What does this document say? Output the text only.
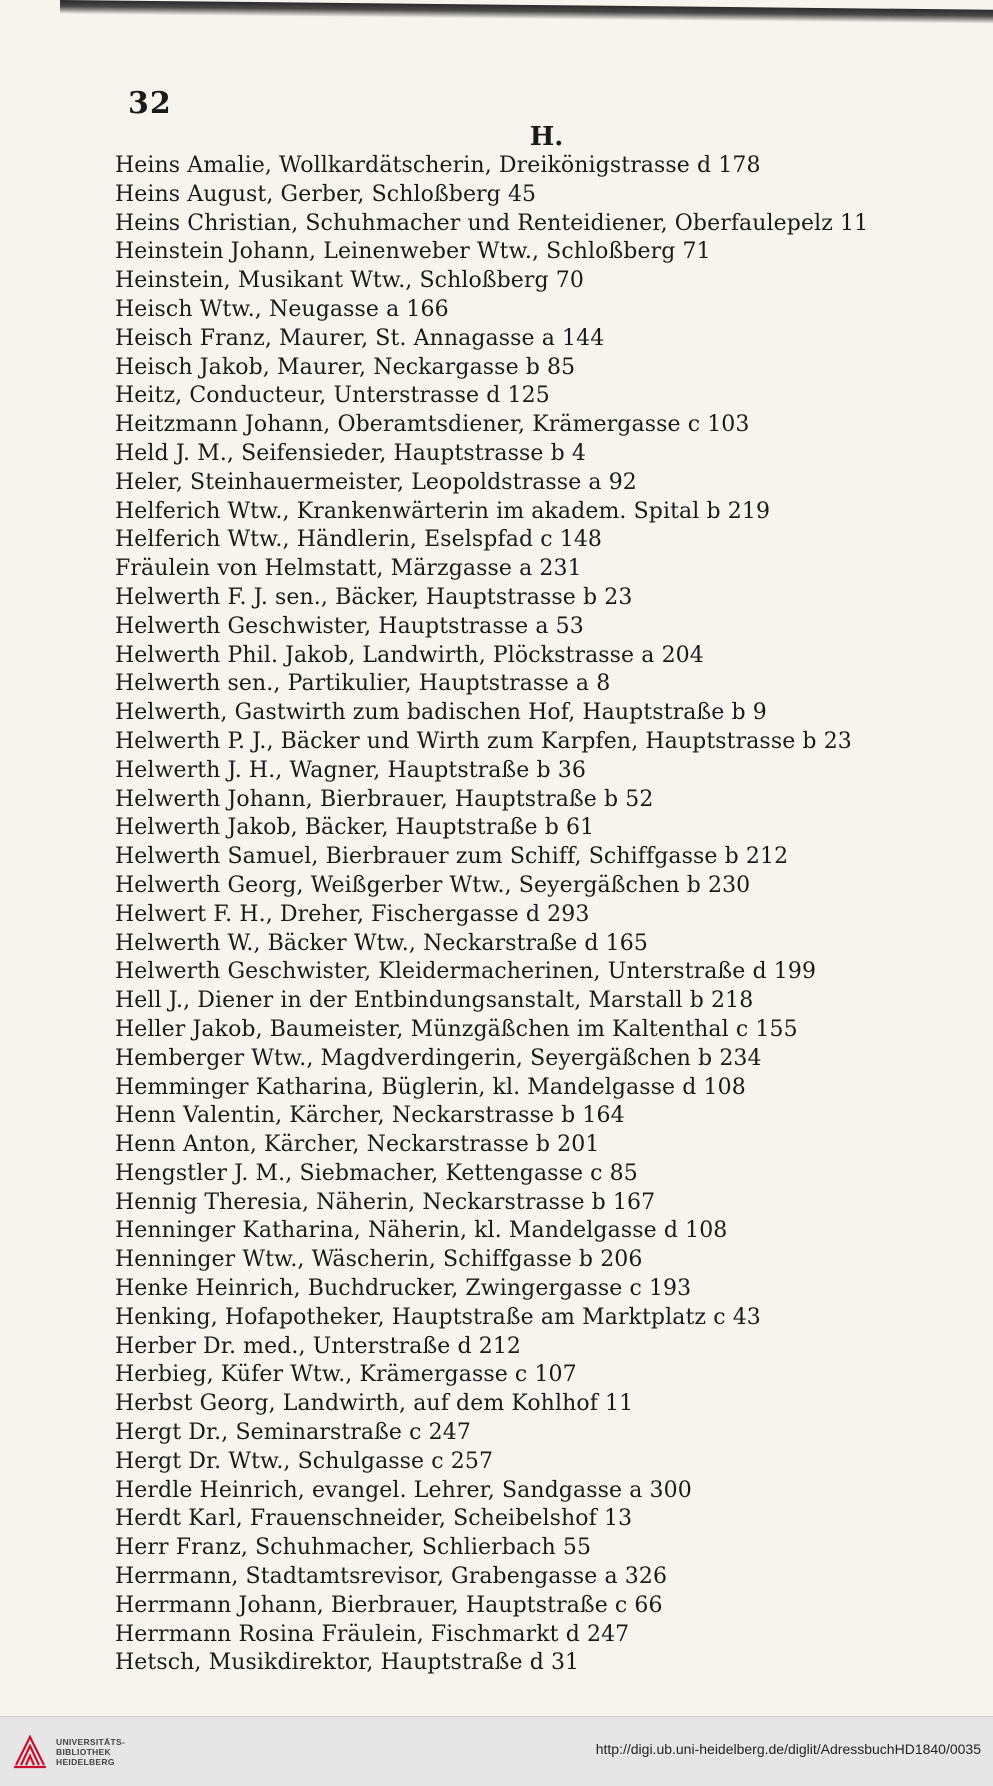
32
H.
Heins Amalie, Wollkardätscherin, Dreikönigstrasse d 178
Heins August, Gerber, Schloßberg 45
Heins Christian, Schuhmacher und Renteidiener, Oberfaulepelz 11
Heinstein Johann, Leinenweber Wtw., Schloßberg 71
Heinstein, Musikant Wtw., Schloßberg 70
Heisch Wtw., Neugasse a 166
Heisch Franz, Maurer, St. Annagasse a 144
Heisch Jakob, Maurer, Neckargasse b 85
Heitz, Conducteur, Unterstrasse d 125
Heitzmann Johann, Oberamtsdiener, Krämergasse c 103
Held J. M., Seifensieder, Hauptstrasse b 4
Heler, Steinhauermeister, Leopoldstrasse a 92
Helferich Wtw., Krankenwärterin im akadem. Spital b 219
Helferich Wtw., Händlerin, Eselspfad c 148
Fräulein von Helmstatt, Märzgasse a 231
Helwerth F. J. sen., Bäcker, Hauptstrasse b 23
Helwerth Geschwister, Hauptstrasse a 53
Helwerth Phil. Jakob, Landwirth, Plöckstrasse a 204
Helwerth sen., Partikulier, Hauptstrasse a 8
Helwerth, Gastwirth zum badischen Hof, Hauptstraße b 9
Helwerth P. J., Bäcker und Wirth zum Karpfen, Hauptstrasse b 23
Helwerth J. H., Wagner, Hauptstraße b 36
Helwerth Johann, Bierbrauer, Hauptstraße b 52
Helwerth Jakob, Bäcker, Hauptstraße b 61
Helwerth Samuel, Bierbrauer zum Schiff, Schiffgasse b 212
Helwerth Georg, Weißgerber Wtw., Seyergäßchen b 230
Helwert F. H., Dreher, Fischergasse d 293
Helwerth W., Bäcker Wtw., Neckarstraße d 165
Helwerth Geschwister, Kleidermacherinen, Unterstraße d 199
Hell J., Diener in der Entbindungsanstalt, Marstall b 218
Heller Jakob, Baumeister, Münzgäßchen im Kaltenthal c 155
Hemberger Wtw., Magdverdingerin, Seyergäßchen b 234
Hemminger Katharina, Büglerin, kl. Mandelgasse d 108
Henn Valentin, Kärcher, Neckarstrasse b 164
Henn Anton, Kärcher, Neckarstrasse b 201
Hengstler J. M., Siebmacher, Kettengasse c 85
Hennig Theresia, Näherin, Neckarstrasse b 167
Henninger Katharina, Näherin, kl. Mandelgasse d 108
Henninger Wtw., Wäscherin, Schiffgasse b 206
Henke Heinrich, Buchdrucker, Zwingergasse c 193
Henking, Hofapotheker, Hauptstraße am Marktplatz c 43
Herber Dr. med., Unterstraße d 212
Herbieg, Küfer Wtw., Krämergasse c 107
Herbst Georg, Landwirth, auf dem Kohlhof 11
Hergt Dr., Seminarstraße c 247
Hergt Dr. Wtw., Schulgasse c 257
Herdle Heinrich, evangel. Lehrer, Sandgasse a 300
Herdt Karl, Frauenschneider, Scheibelshof 13
Herr Franz, Schuhmacher, Schlierbach 55
Herrmann, Stadtamtsrevisor, Grabengasse a 326
Herrmann Johann, Bierbrauer, Hauptstraße c 66
Herrmann Rosina Fräulein, Fischmarkt d 247
Hetsch, Musikdirektor, Hauptstraße d 31
UNIVERSITÄTS-
BIBLIOTHEK
HEIDELBERG
http://digi.ub.uni-heidelberg.de/diglit/AdressbuchHD1840/0035
